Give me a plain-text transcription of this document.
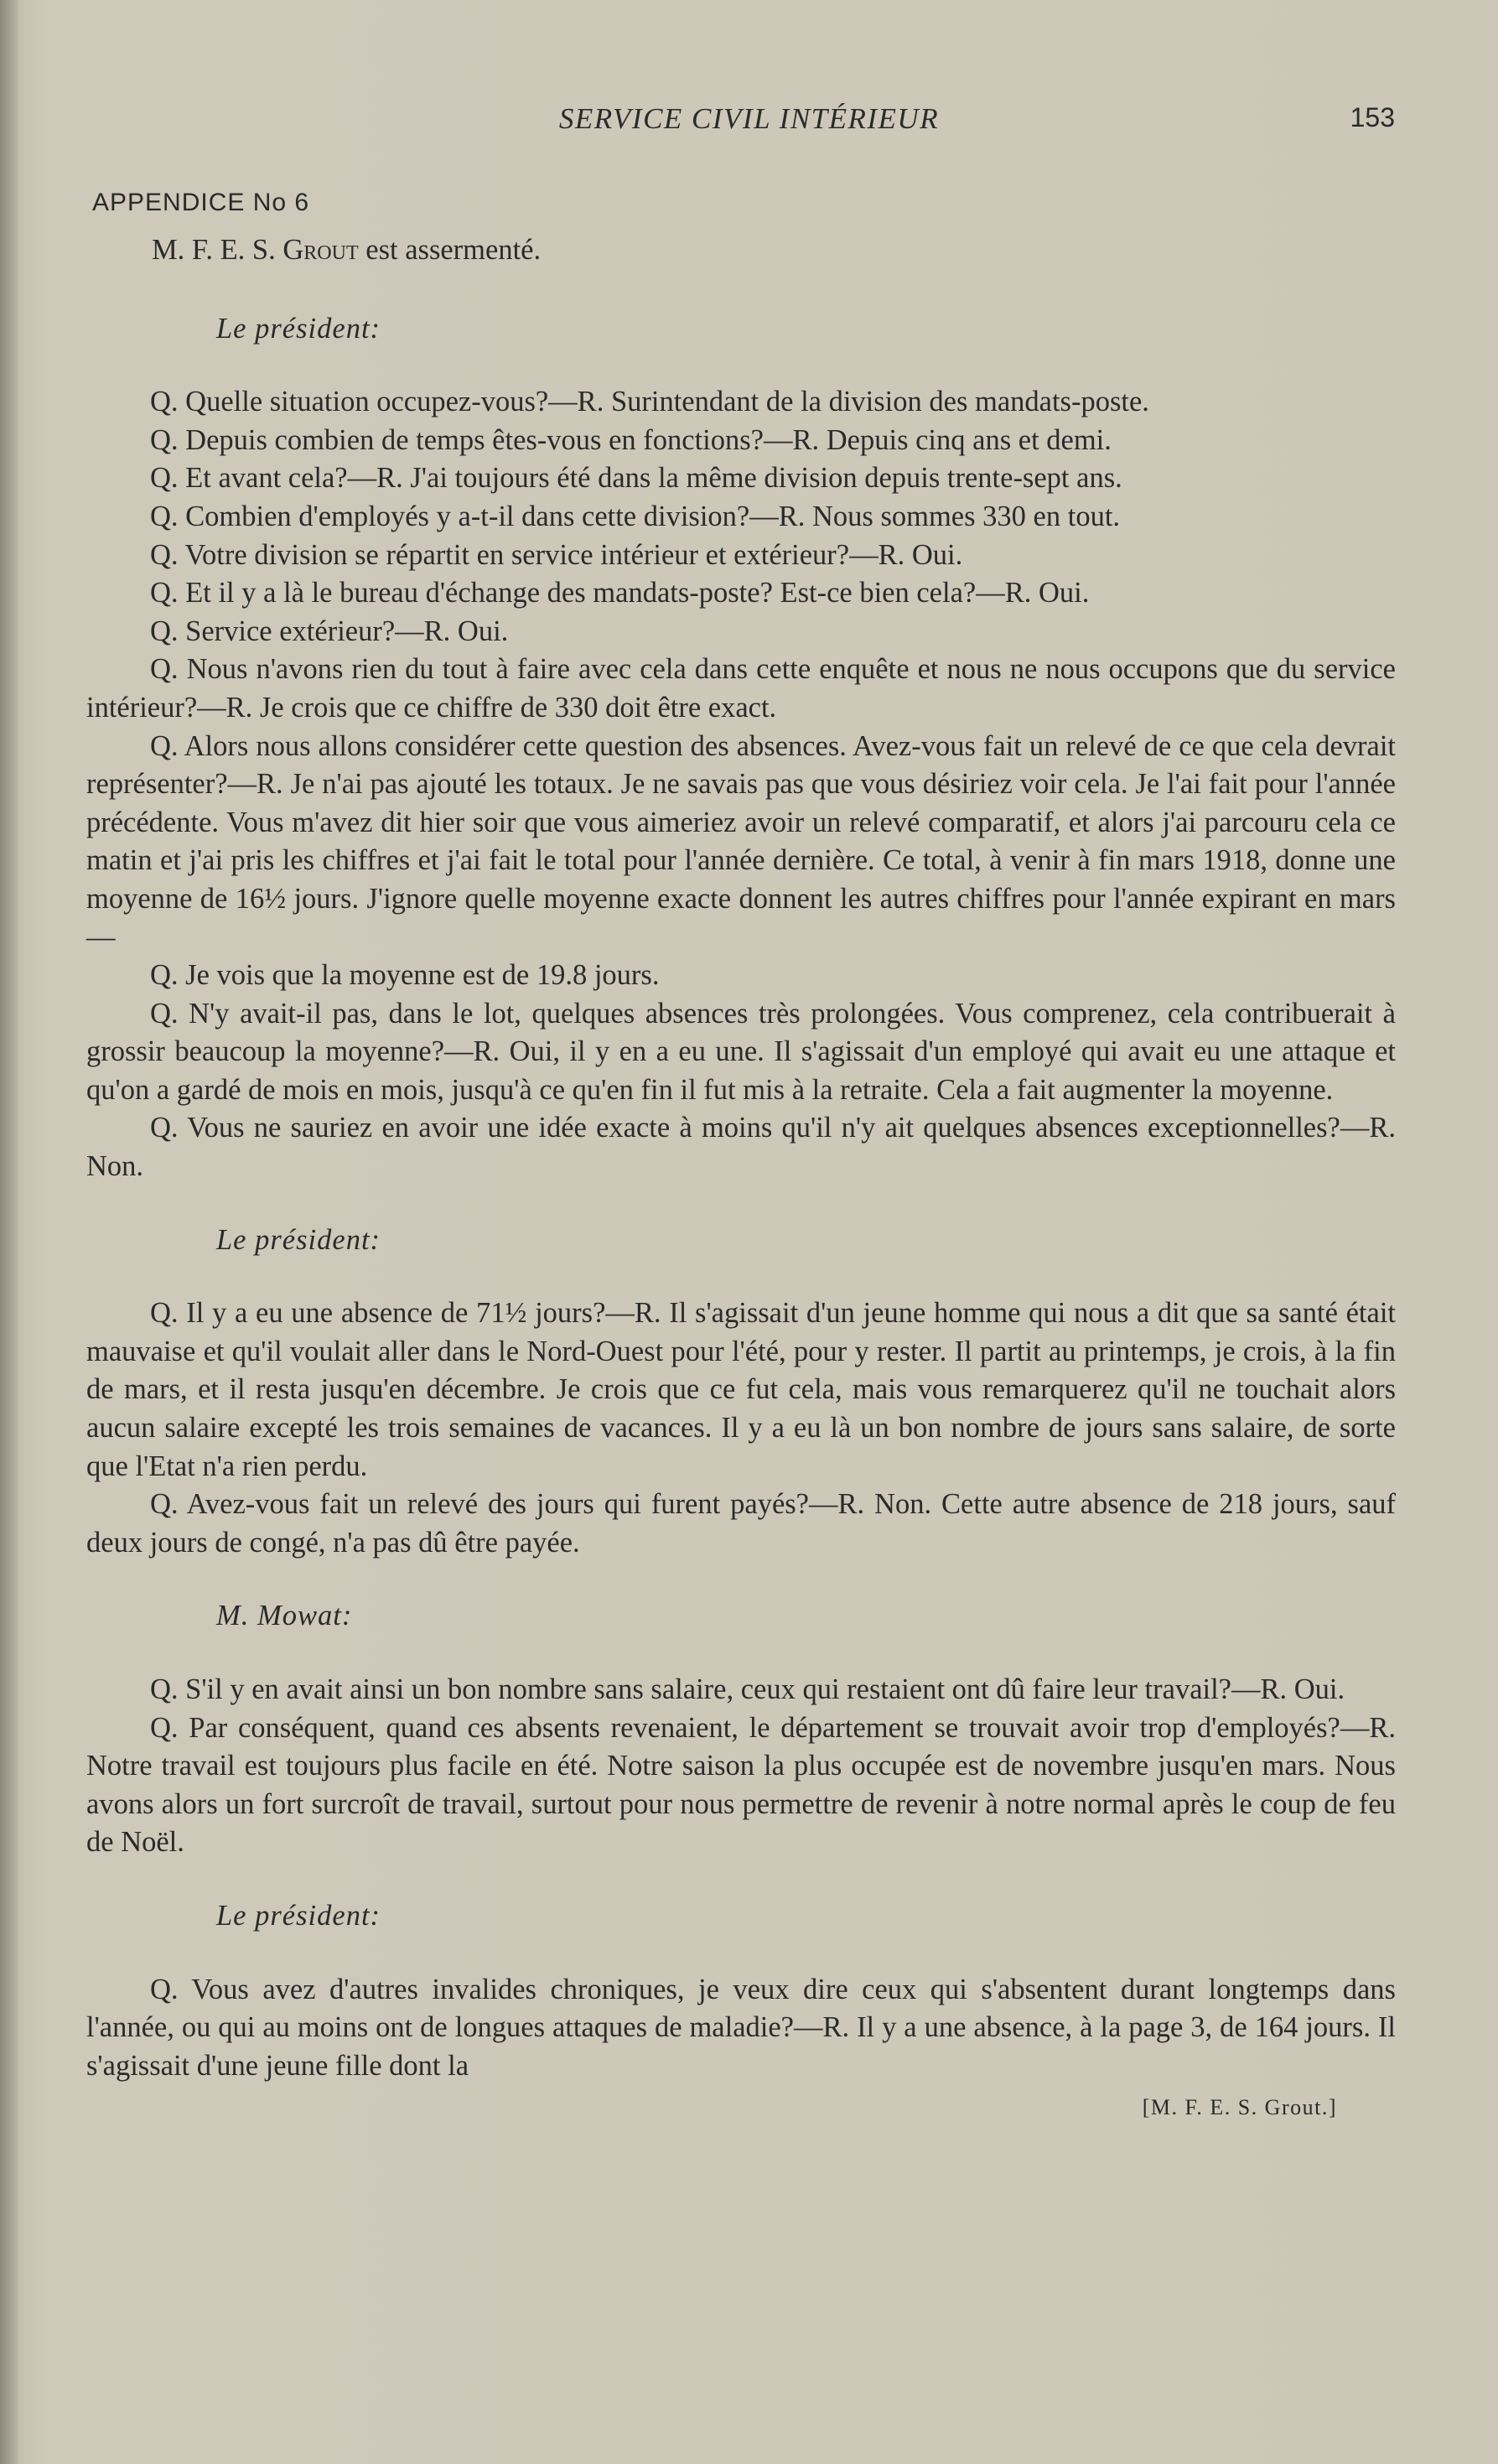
SERVICE CIVIL INTÉRIEUR	153
APPENDICE No 6

M. F. E. S. Grout est assermenté.

Le président:

Q. Quelle situation occupez-vous?—R. Surintendant de la division des mandats-poste.

Q. Depuis combien de temps êtes-vous en fonctions?—R. Depuis cinq ans et demi.

Q. Et avant cela?—R. J'ai toujours été dans la même division depuis trente-sept ans.

Q. Combien d'employés y a-t-il dans cette division?—R. Nous sommes 330 en tout.

Q. Votre division se répartit en service intérieur et extérieur?—R. Oui.

Q. Et il y a là le bureau d'échange des mandats-poste? Est-ce bien cela?—R. Oui.

Q. Service extérieur?—R. Oui.

Q. Nous n'avons rien du tout à faire avec cela dans cette enquête et nous ne nous occupons que du service intérieur?—R. Je crois que ce chiffre de 330 doit être exact.

Q. Alors nous allons considérer cette question des absences. Avez-vous fait un relevé de ce que cela devrait représenter?—R. Je n'ai pas ajouté les totaux. Je ne savais pas que vous désiriez voir cela. Je l'ai fait pour l'année précédente. Vous m'avez dit hier soir que vous aimeriez avoir un relevé comparatif, et alors j'ai parcouru cela ce matin et j'ai pris les chiffres et j'ai fait le total pour l'année dernière. Ce total, à venir à fin mars 1918, donne une moyenne de 16½ jours. J'ignore quelle moyenne exacte donnent les autres chiffres pour l'année expirant en mars—

Q. Je vois que la moyenne est de 19.8 jours.

Q. N'y avait-il pas, dans le lot, quelques absences très prolongées. Vous comprenez, cela contribuerait à grossir beaucoup la moyenne?—R. Oui, il y en a eu une. Il s'agissait d'un employé qui avait eu une attaque et qu'on a gardé de mois en mois, jusqu'à ce qu'en fin il fut mis à la retraite. Cela a fait augmenter la moyenne.

Q. Vous ne sauriez en avoir une idée exacte à moins qu'il n'y ait quelques absences exceptionnelles?—R. Non.

Le président:

Q. Il y a eu une absence de 71½ jours?—R. Il s'agissait d'un jeune homme qui nous a dit que sa santé était mauvaise et qu'il voulait aller dans le Nord-Ouest pour l'été, pour y rester. Il partit au printemps, je crois, à la fin de mars, et il resta jusqu'en décembre. Je crois que ce fut cela, mais vous remarquerez qu'il ne touchait alors aucun salaire excepté les trois semaines de vacances. Il y a eu là un bon nombre de jours sans salaire, de sorte que l'Etat n'a rien perdu.

Q. Avez-vous fait un relevé des jours qui furent payés?—R. Non. Cette autre absence de 218 jours, sauf deux jours de congé, n'a pas dû être payée.

M. Mowat:

Q. S'il y en avait ainsi un bon nombre sans salaire, ceux qui restaient ont dû faire leur travail?—R. Oui.

Q. Par conséquent, quand ces absents revenaient, le département se trouvait avoir trop d'employés?—R. Notre travail est toujours plus facile en été. Notre saison la plus occupée est de novembre jusqu'en mars. Nous avons alors un fort surcroît de travail, surtout pour nous permettre de revenir à notre normal après le coup de feu de Noël.

Le président:

Q. Vous avez d'autres invalides chroniques, je veux dire ceux qui s'absentent durant longtemps dans l'année, ou qui au moins ont de longues attaques de maladie?—R. Il y a une absence, à la page 3, de 164 jours. Il s'agissait d'une jeune fille dont la

[M. F. E. S. Grout.]
